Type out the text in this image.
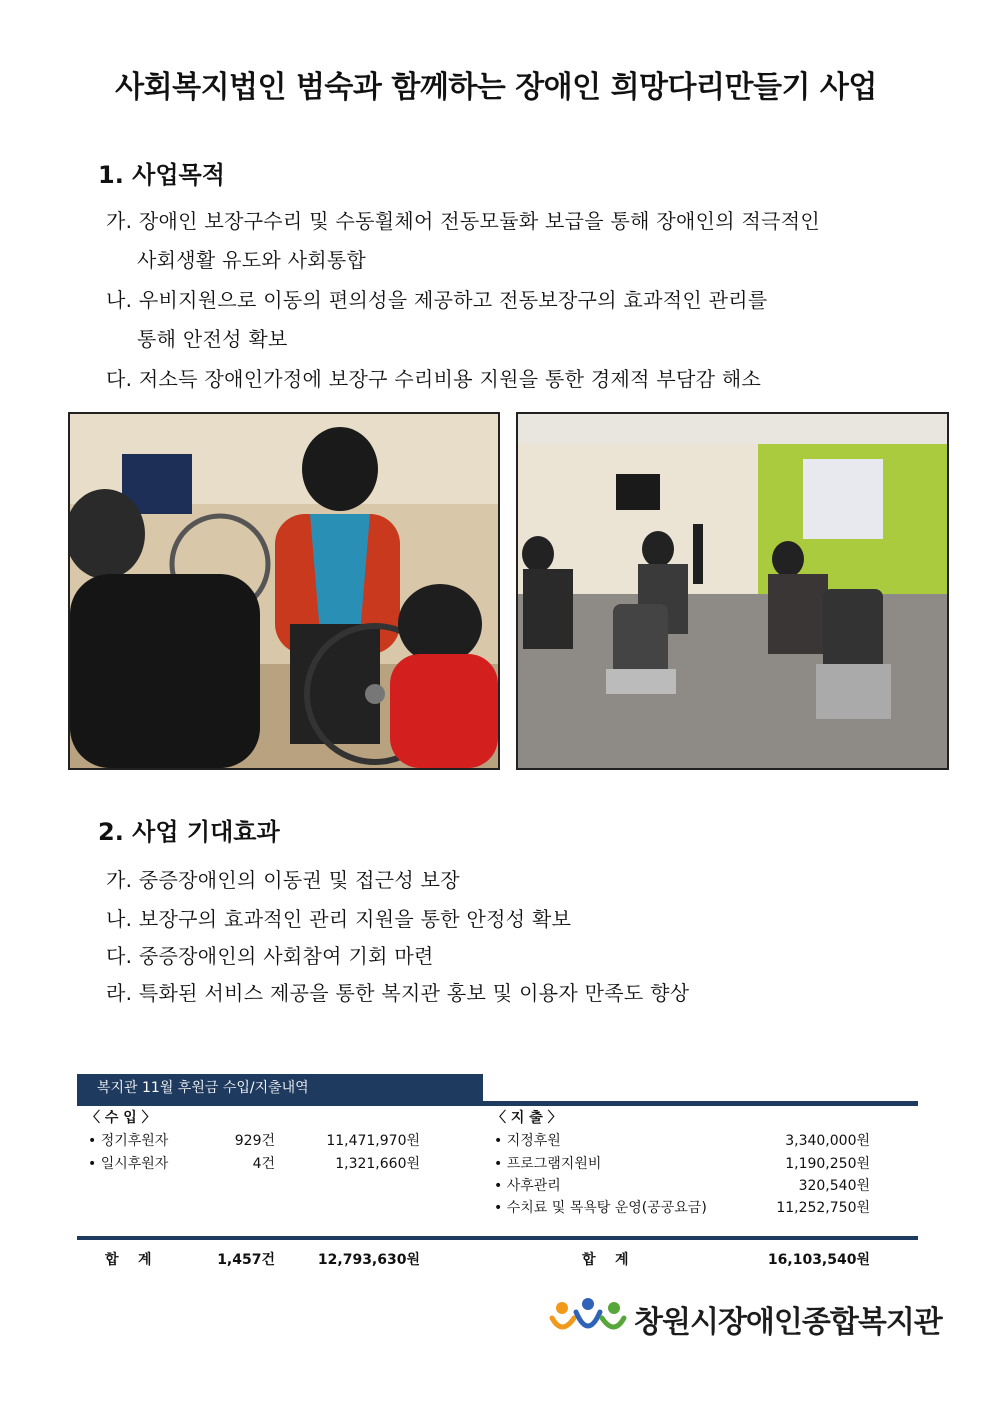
사회복지법인 범숙과 함께하는 장애인 희망다리만들기 사업
1. 사업목적
가. 장애인 보장구수리 및 수동휠체어 전동모듈화 보급을 통해 장애인의 적극적인
사회생활 유도와 사회통합
나. 우비지원으로 이동의 편의성을 제공하고 전동보장구의 효과적인 관리를
통해 안전성 확보
다. 저소득 장애인가정에 보장구 수리비용 지원을 통한 경제적 부담감 해소
2. 사업 기대효과
가. 중증장애인의 이동권 및 접근성 보장
나. 보장구의 효과적인 관리 지원을 통한 안정성 확보
다. 중증장애인의 사회참여 기회 마련
라. 특화된 서비스 제공을 통한 복지관 홍보 및 이용자 만족도 향상
복지관 11월 후원금 수입/지출내역
〈 수 입 〉
• 정기후원자	929건	11,471,970원
• 일시후원자	4건	1,321,660원
〈 지 출 〉
• 지정후원	3,340,000원
• 프로그램지원비	1,190,250원
• 사후관리	320,540원
• 수치료 및 목욕탕 운영(공공요금)	11,252,750원
합    계	1,457건	12,793,630원	합    계	16,103,540원
창원시장애인종합복지관
